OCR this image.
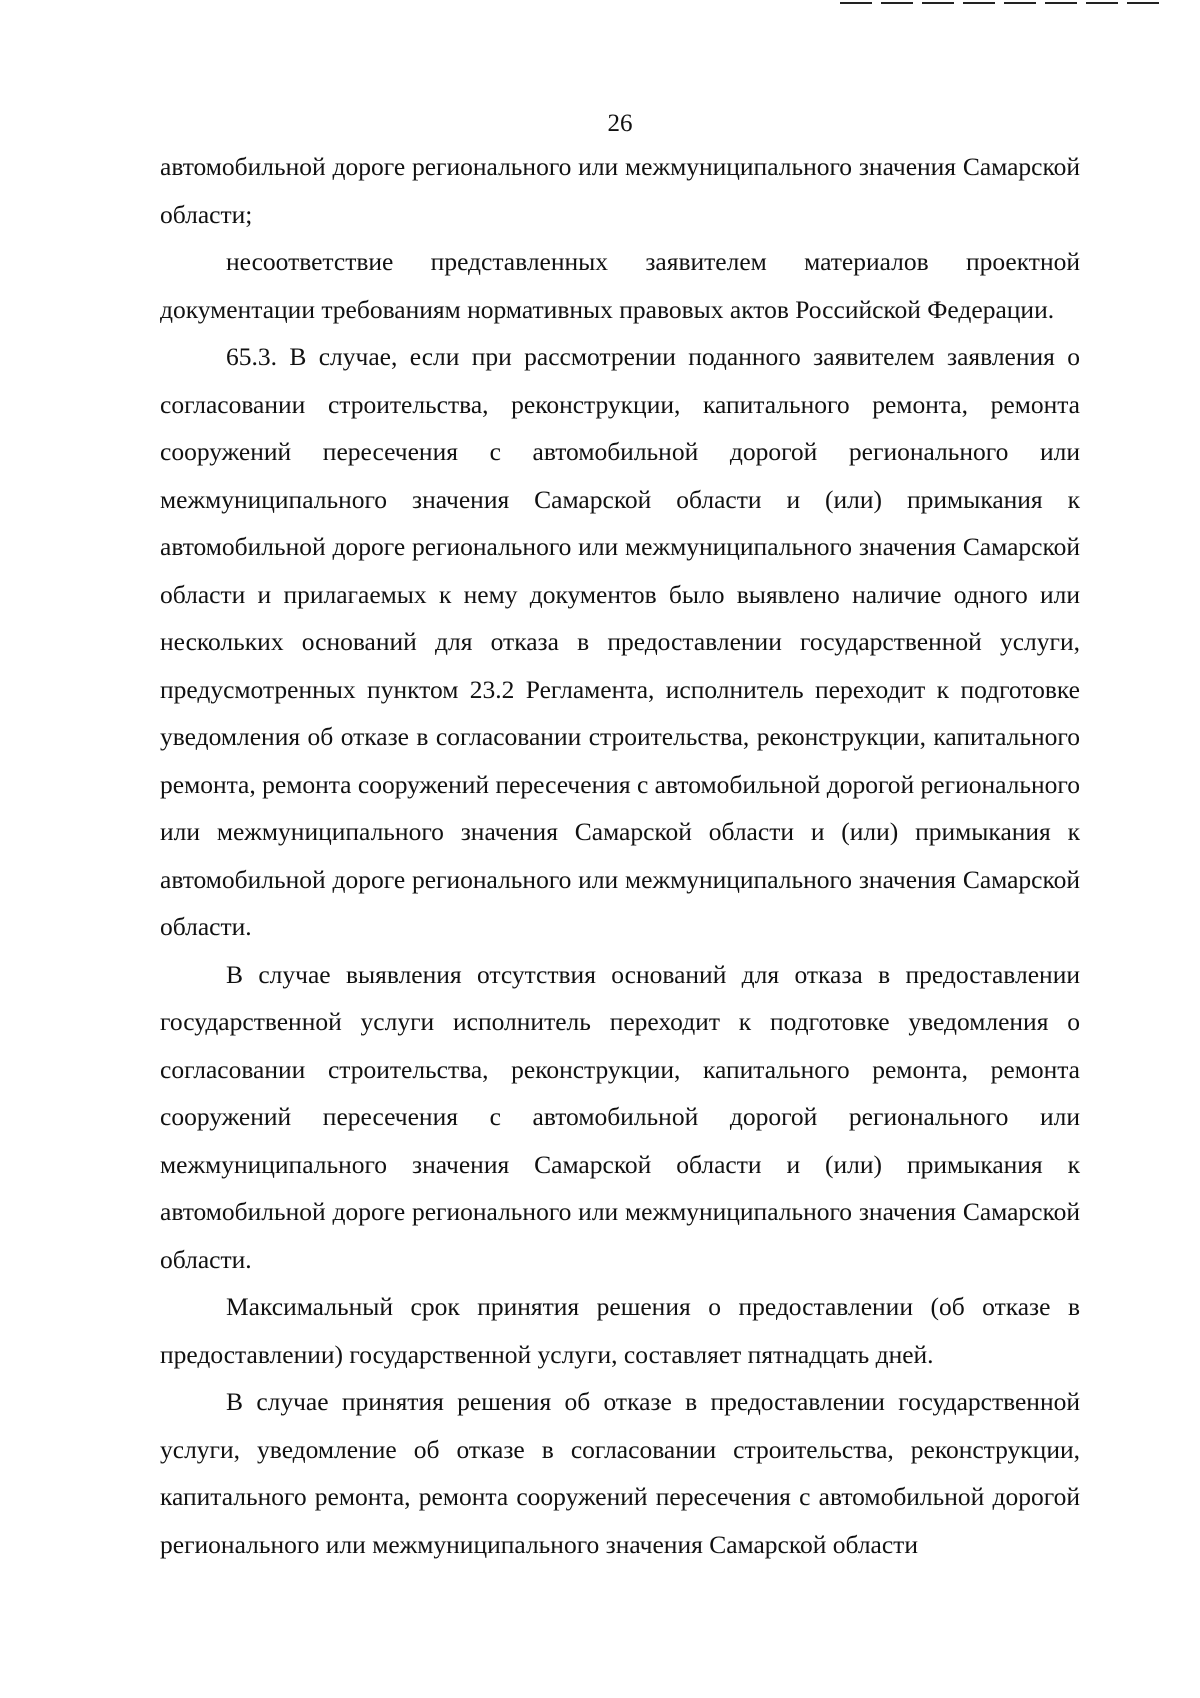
26

автомобильной дороге регионального или межмуниципального значения Самарской области;

несоответствие представленных заявителем материалов проектной документации требованиям нормативных правовых актов Российской Федерации.

65.3. В случае, если при рассмотрении поданного заявителем заявления о согласовании строительства, реконструкции, капитального ремонта, ремонта сооружений пересечения с автомобильной дорогой регионального или межмуниципального значения Самарской области и (или) примыкания к автомобильной дороге регионального или межмуниципального значения Самарской области и прилагаемых к нему документов было выявлено наличие одного или нескольких оснований для отказа в предоставлении государственной услуги, предусмотренных пунктом 23.2 Регламента, исполнитель переходит к подготовке уведомления об отказе в согласовании строительства, реконструкции, капитального ремонта, ремонта сооружений пересечения с автомобильной дорогой регионального или межмуниципального значения Самарской области и (или) примыкания к автомобильной дороге регионального или межмуниципального значения Самарской области.

В случае выявления отсутствия оснований для отказа в предоставлении государственной услуги исполнитель переходит к подготовке уведомления о согласовании строительства, реконструкции, капитального ремонта, ремонта сооружений пересечения с автомобильной дорогой регионального или межмуниципального значения Самарской области и (или) примыкания к автомобильной дороге регионального или межмуниципального значения Самарской области.

Максимальный срок принятия решения о предоставлении (об отказе в предоставлении) государственной услуги, составляет пятнадцать дней.

В случае принятия решения об отказе в предоставлении государственной услуги, уведомление об отказе в согласовании строительства, реконструкции, капитального ремонта, ремонта сооружений пересечения с автомобильной дорогой регионального или межмуниципального значения Самарской области
